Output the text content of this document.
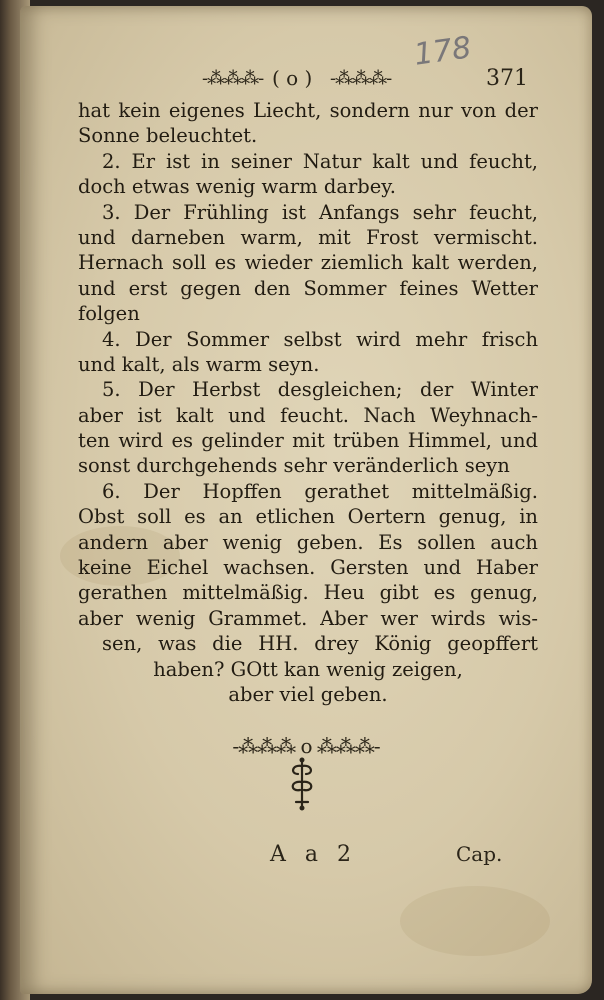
-⁂⁂⁂- ( o ) -⁂⁂⁂-
178
371
hat kein eigenes Liecht, sondern nur von der
Sonne beleuchtet.
2. Er ist in seiner Natur kalt und feucht,
doch etwas wenig warm darbey.
3. Der Frühling ist Anfangs sehr feucht,
und darneben warm, mit Frost vermischt.
Hernach soll es wieder ziemlich kalt werden,
und erst gegen den Sommer feines Wetter
folgen
4. Der Sommer selbst wird mehr frisch
und kalt, als warm seyn.
5. Der Herbst desgleichen; der Winter
aber ist kalt und feucht. Nach Weyhnach-
ten wird es gelinder mit trüben Himmel, und
sonst durchgehends sehr veränderlich seyn
6. Der Hopffen gerathet mittelmäßig.
Obst soll es an etlichen Oertern genug, in
andern aber wenig geben. Es sollen auch
keine Eichel wachsen. Gersten und Haber
gerathen mittelmäßig. Heu gibt es genug,
aber wenig Grammet. Aber wer wirds wis-
sen, was die HH. drey König geopffert
haben? GOtt kan wenig zeigen,
aber viel geben.
-⁂⁂⁂ o ⁂⁂⁂-
A a 2	Cap.
